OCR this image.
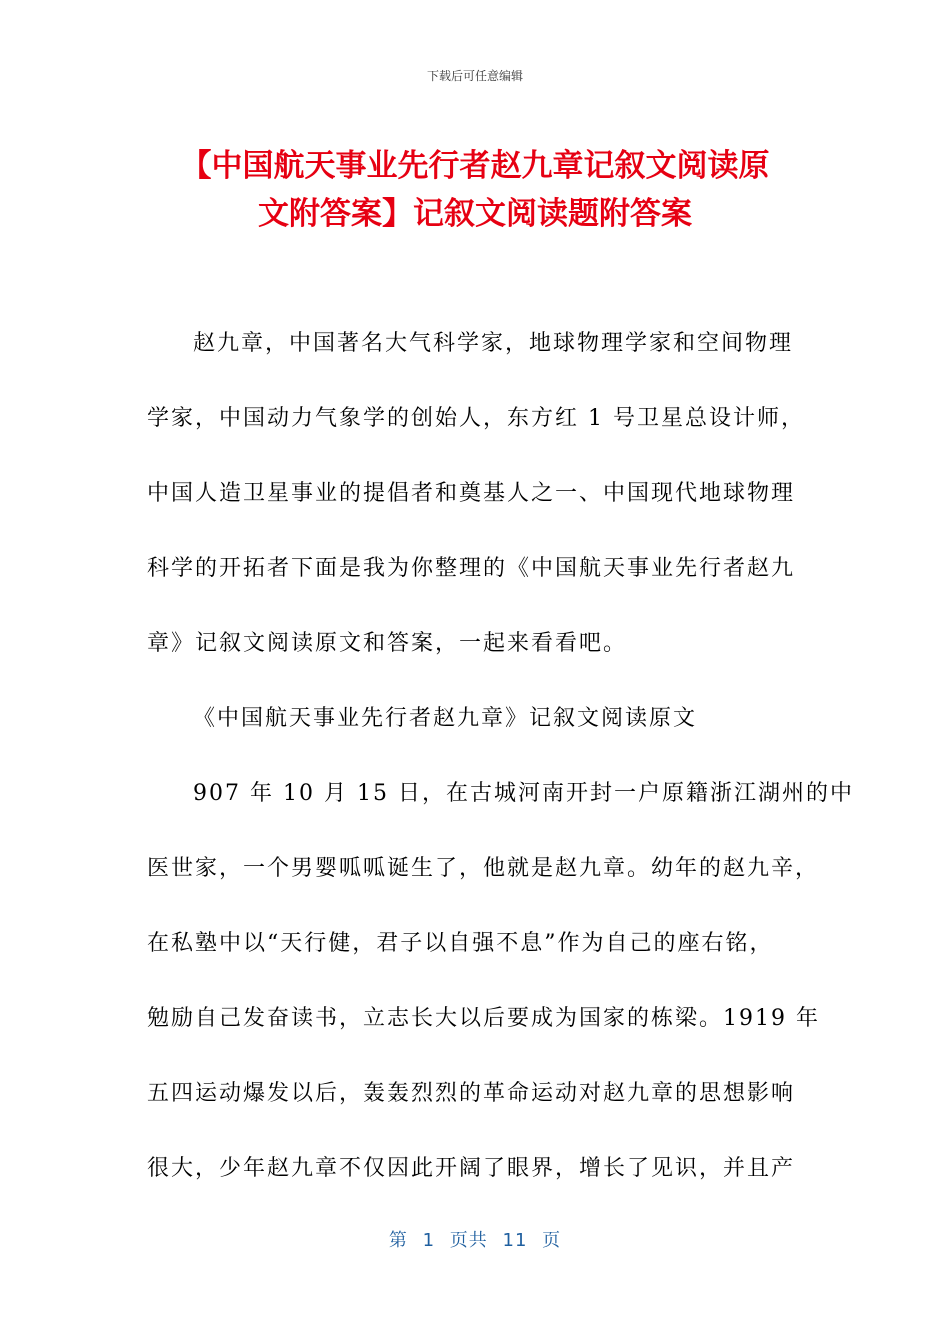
下载后可任意编辑
【中国航天事业先行者赵九章记叙文阅读原
文附答案】记叙文阅读题附答案
赵九章，中国著名大气科学家，地球物理学家和空间物理
学家，中国动力气象学的创始人，东方红 1 号卫星总设计师，
中国人造卫星事业的提倡者和奠基人之一、中国现代地球物理
科学的开拓者下面是我为你整理的《中国航天事业先行者赵九
章》记叙文阅读原文和答案，一起来看看吧。
《中国航天事业先行者赵九章》记叙文阅读原文
907 年 10 月 15 日，在古城河南开封一户原籍浙江湖州的中
医世家，一个男婴呱呱诞生了，他就是赵九章。幼年的赵九辛，
在私塾中以“天行健，君子以自强不息”作为自己的座右铭，
勉励自己发奋读书，立志长大以后要成为国家的栋梁。1919 年
五四运动爆发以后，轰轰烈烈的革命运动对赵九章的思想影响
很大，少年赵九章不仅因此开阔了眼界，增长了见识，并且产
第 1 页共 11 页
